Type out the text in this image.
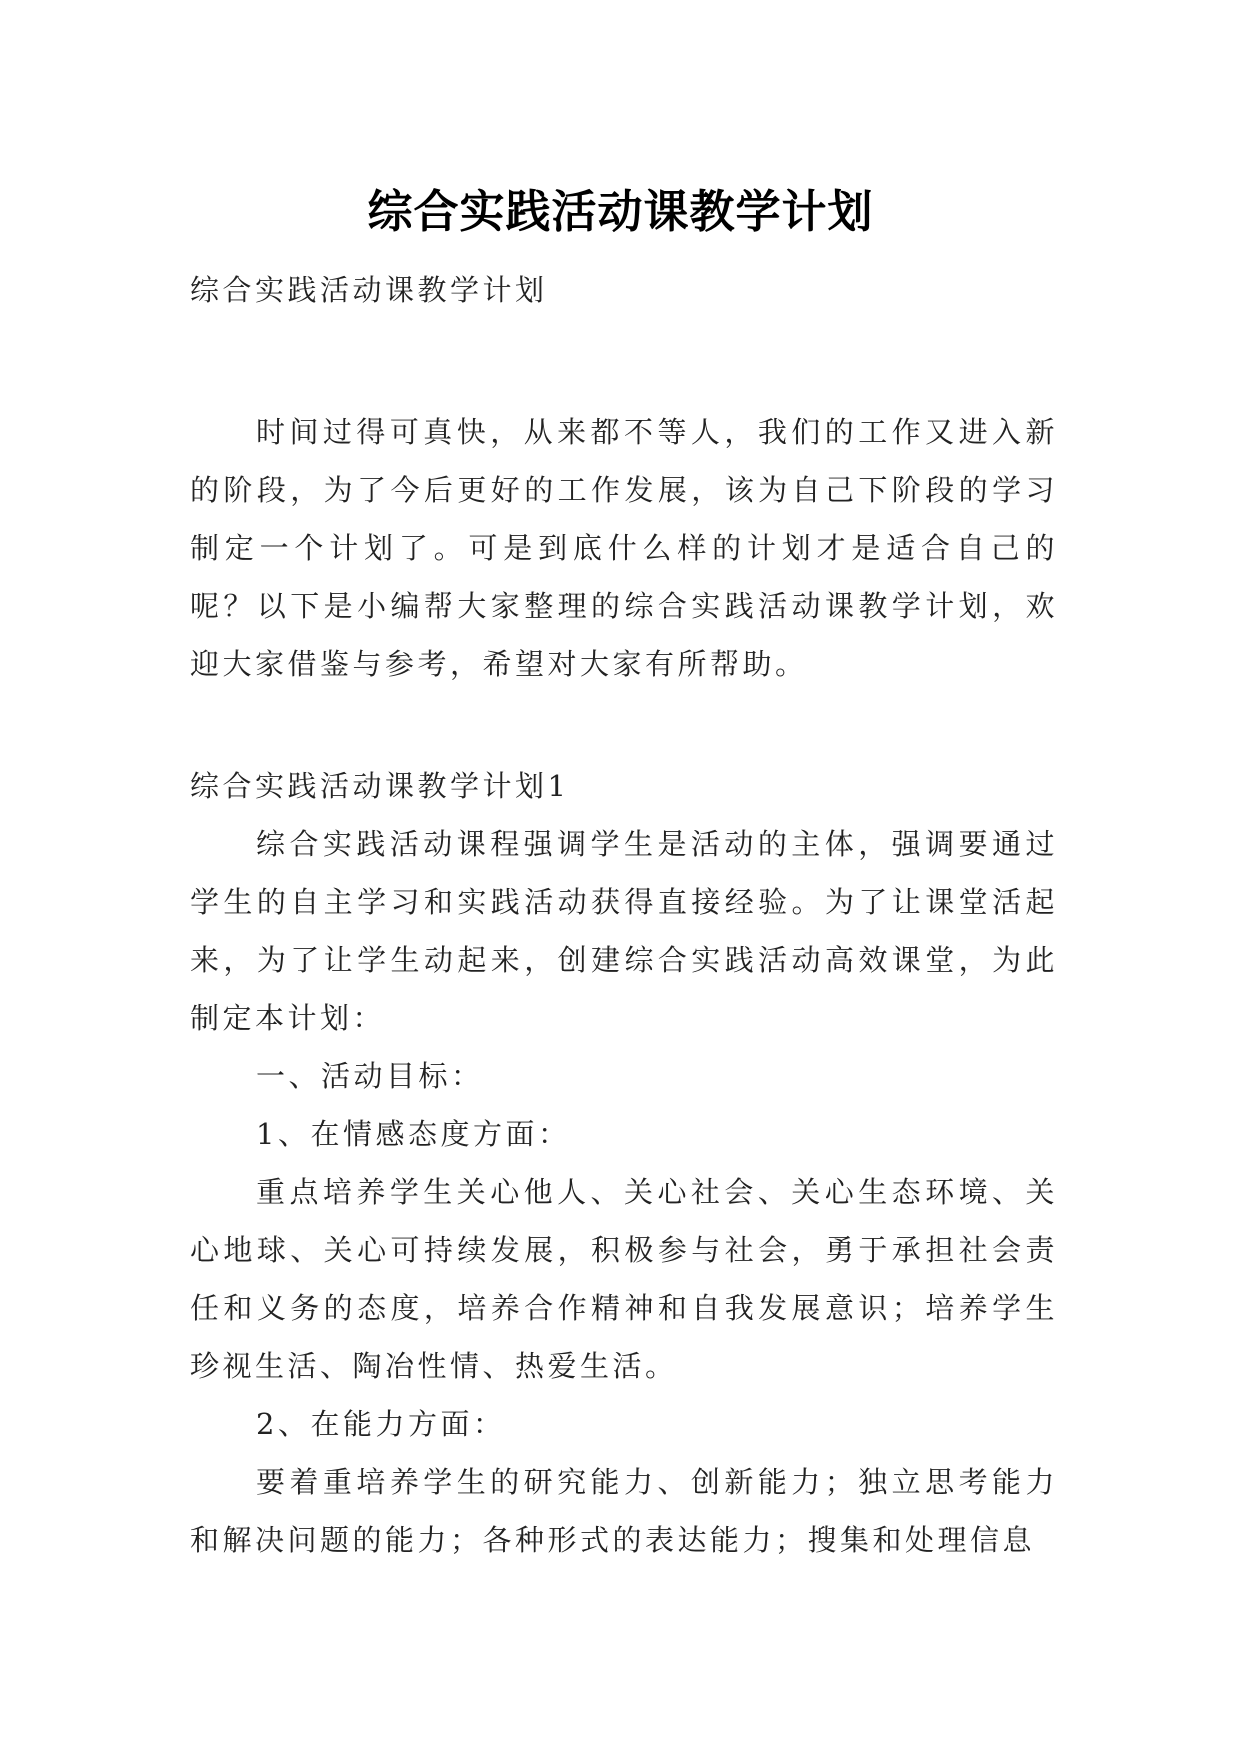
综合实践活动课教学计划

综合实践活动课教学计划

时间过得可真快，从来都不等人，我们的工作又进入新的阶段，为了今后更好的工作发展，该为自己下阶段的学习制定一个计划了。可是到底什么样的计划才是适合自己的呢？以下是小编帮大家整理的综合实践活动课教学计划，欢迎大家借鉴与参考，希望对大家有所帮助。

综合实践活动课教学计划1

综合实践活动课程强调学生是活动的主体，强调要通过学生的自主学习和实践活动获得直接经验。为了让课堂活起来，为了让学生动起来，创建综合实践活动高效课堂，为此制定本计划：

一、活动目标：

1、在情感态度方面：

重点培养学生关心他人、关心社会、关心生态环境、关心地球、关心可持续发展，积极参与社会，勇于承担社会责任和义务的态度，培养合作精神和自我发展意识；培养学生珍视生活、陶冶性情、热爱生活。

2、在能力方面：

要着重培养学生的研究能力、创新能力；独立思考能力和解决问题的能力；各种形式的表达能力；搜集和处理信息
